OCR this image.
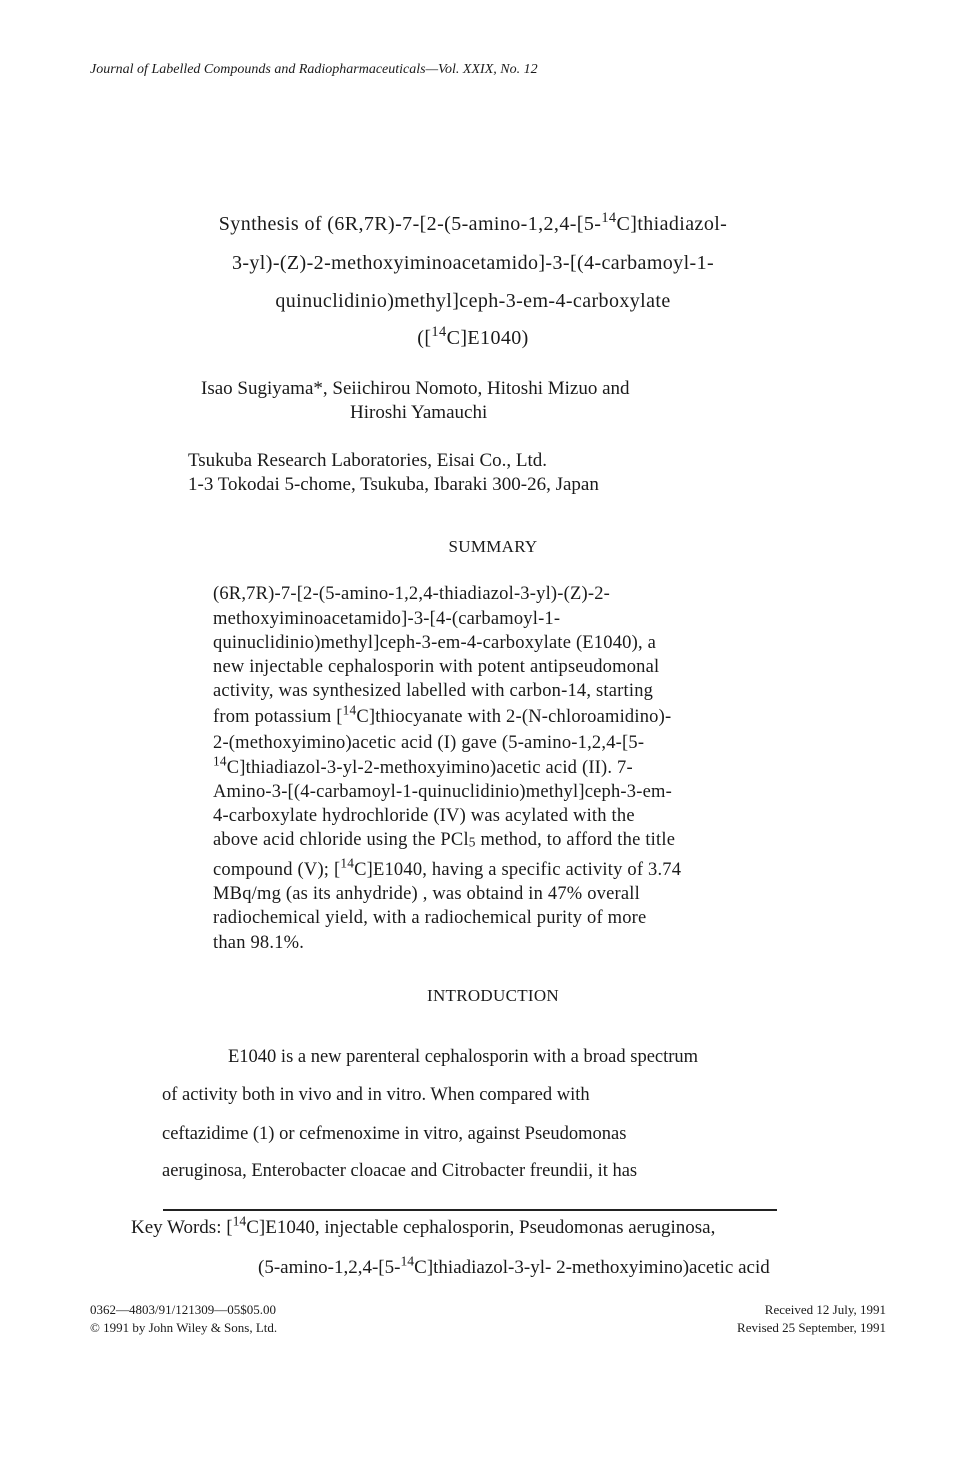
Journal of Labelled Compounds and Radiopharmaceuticals—Vol. XXIX, No. 12
Synthesis of (6R,7R)-7-[2-(5-amino-1,2,4-[5-$^{14}$C]thiadiazol-
3-yl)-(Z)-2-methoxyiminoacetamido]-3-[(4-carbamoyl-1-
quinuclidinio)methyl]ceph-3-em-4-carboxylate
([$^{14}$C]E1040)
Isao Sugiyama*, Seiichirou Nomoto, Hitoshi Mizuo and
Hiroshi Yamauchi
Tsukuba Research Laboratories, Eisai Co., Ltd.
1-3 Tokodai 5-chome, Tsukuba, Ibaraki 300-26, Japan
SUMMARY
(6R,7R)-7-[2-(5-amino-1,2,4-thiadiazol-3-yl)-(Z)-2-
methoxyiminoacetamido]-3-[4-(carbamoyl-1-
quinuclidinio)methyl]ceph-3-em-4-carboxylate (E1040), a
new injectable cephalosporin with potent antipseudomonal
activity, was synthesized labelled with carbon-14, starting
from potassium [$^{14}$C]thiocyanate with 2-(N-chloroamidino)-
2-(methoxyimino)acetic acid (I) gave (5-amino-1,2,4-[5-
$^{14}$C]thiadiazol-3-yl-2-methoxyimino)acetic acid (II). 7-
Amino-3-[(4-carbamoyl-1-quinuclidinio)methyl]ceph-3-em-
4-carboxylate hydrochloride (IV) was acylated with the
above acid chloride using the PCl$_5$ method, to afford the title
compound (V); [$^{14}$C]E1040, having a specific activity of 3.74
MBq/mg (as its anhydride) , was obtaind in 47% overall
radiochemical yield, with a radiochemical purity of more
than 98.1%.
INTRODUCTION
E1040 is a new parenteral cephalosporin with a broad spectrum
of activity both in vivo and in vitro. When compared with
ceftazidime (1) or cefmenoxime in vitro, against Pseudomonas
aeruginosa, Enterobacter cloacae and Citrobacter freundii, it has
Key Words: [$^{14}$C]E1040, injectable cephalosporin, Pseudomonas aeruginosa,
(5-amino-1,2,4-[5-$^{14}$C]thiadiazol-3-yl- 2-methoxyimino)acetic acid
0362—4803/91/121309—05$05.00
© 1991 by John Wiley & Sons, Ltd.
Received 12 July, 1991
Revised 25 September, 1991
